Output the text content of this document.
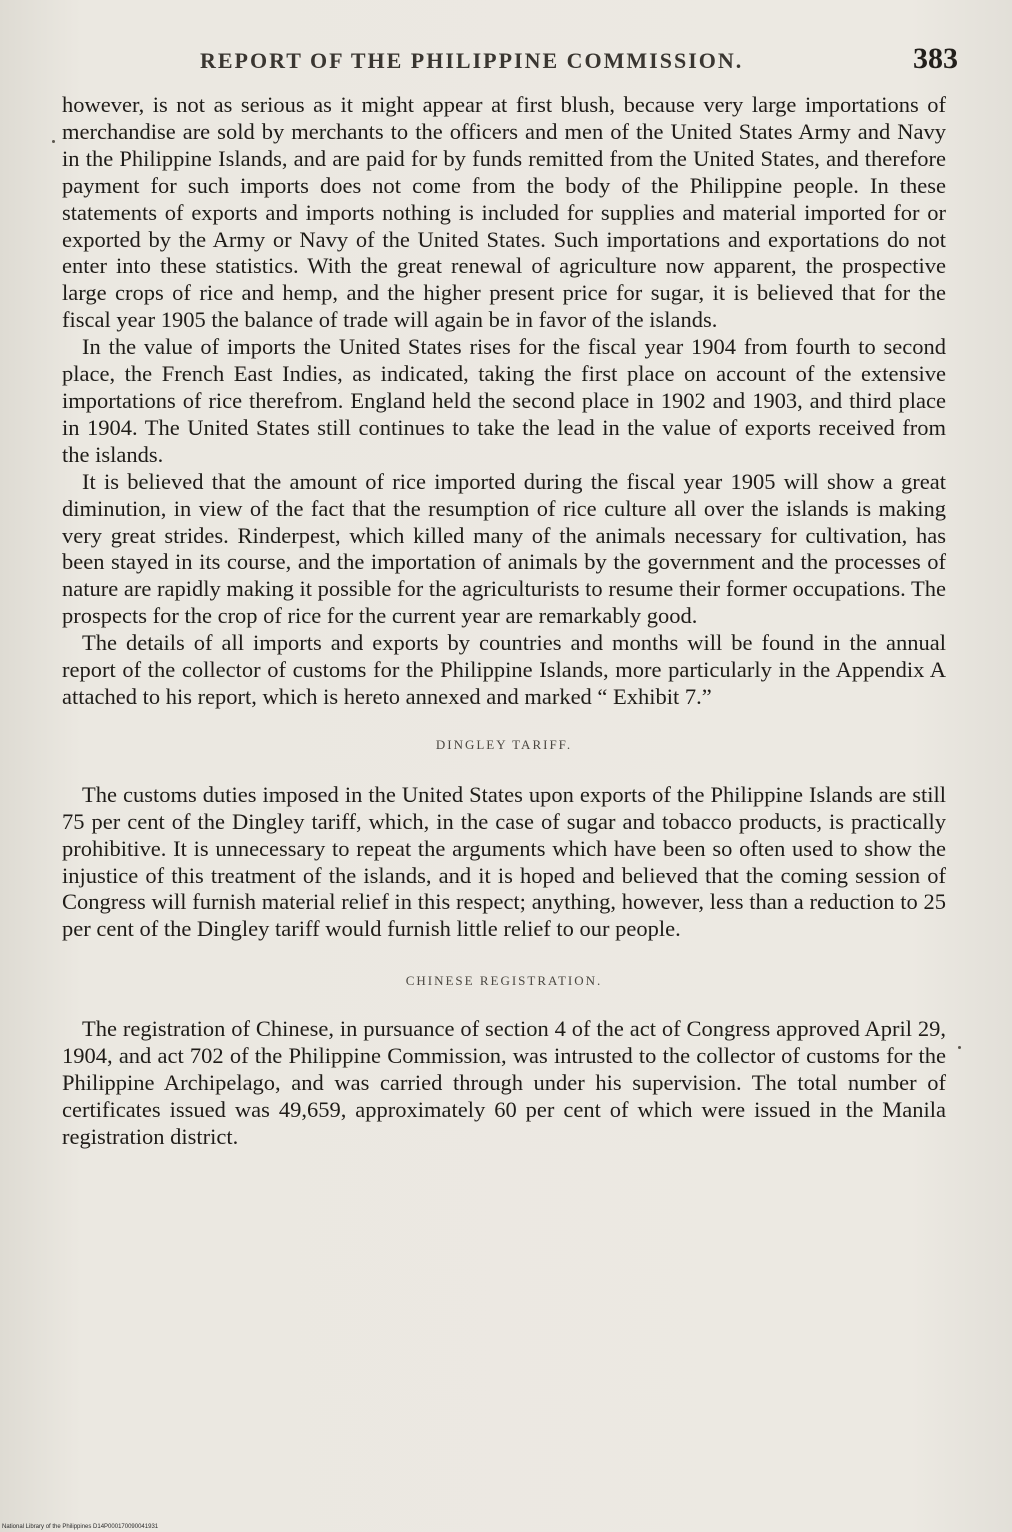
REPORT OF THE PHILIPPINE COMMISSION.	383

however, is not as serious as it might appear at first blush, because very large importations of merchandise are sold by merchants to the officers and men of the United States Army and Navy in the Philippine Islands, and are paid for by funds remitted from the United States, and therefore payment for such imports does not come from the body of the Philippine people. In these statements of exports and imports nothing is included for supplies and material imported for or exported by the Army or Navy of the United States. Such importations and exportations do not enter into these statistics. With the great renewal of agriculture now apparent, the prospective large crops of rice and hemp, and the higher present price for sugar, it is believed that for the fiscal year 1905 the balance of trade will again be in favor of the islands.

In the value of imports the United States rises for the fiscal year 1904 from fourth to second place, the French East Indies, as indicated, taking the first place on account of the extensive importations of rice therefrom. England held the second place in 1902 and 1903, and third place in 1904. The United States still continues to take the lead in the value of exports received from the islands.

It is believed that the amount of rice imported during the fiscal year 1905 will show a great diminution, in view of the fact that the resumption of rice culture all over the islands is making very great strides. Rinderpest, which killed many of the animals necessary for cultivation, has been stayed in its course, and the importation of animals by the government and the processes of nature are rapidly making it possible for the agriculturists to resume their former occupations. The prospects for the crop of rice for the current year are remarkably good.

The details of all imports and exports by countries and months will be found in the annual report of the collector of customs for the Philippine Islands, more particularly in the Appendix A attached to his report, which is hereto annexed and marked “ Exhibit 7.”

DINGLEY TARIFF.

The customs duties imposed in the United States upon exports of the Philippine Islands are still 75 per cent of the Dingley tariff, which, in the case of sugar and tobacco products, is practically prohibitive. It is unnecessary to repeat the arguments which have been so often used to show the injustice of this treatment of the islands, and it is hoped and believed that the coming session of Congress will furnish material relief in this respect; anything, however, less than a reduction to 25 per cent of the Dingley tariff would furnish little relief to our people.

CHINESE REGISTRATION.

The registration of Chinese, in pursuance of section 4 of the act of Congress approved April 29, 1904, and act 702 of the Philippine Commission, was intrusted to the collector of customs for the Philippine Archipelago, and was carried through under his supervision. The total number of certificates issued was 49,659, approximately 60 per cent of which were issued in the Manila registration district.

National Library of the Philippines D14P000170090041931
